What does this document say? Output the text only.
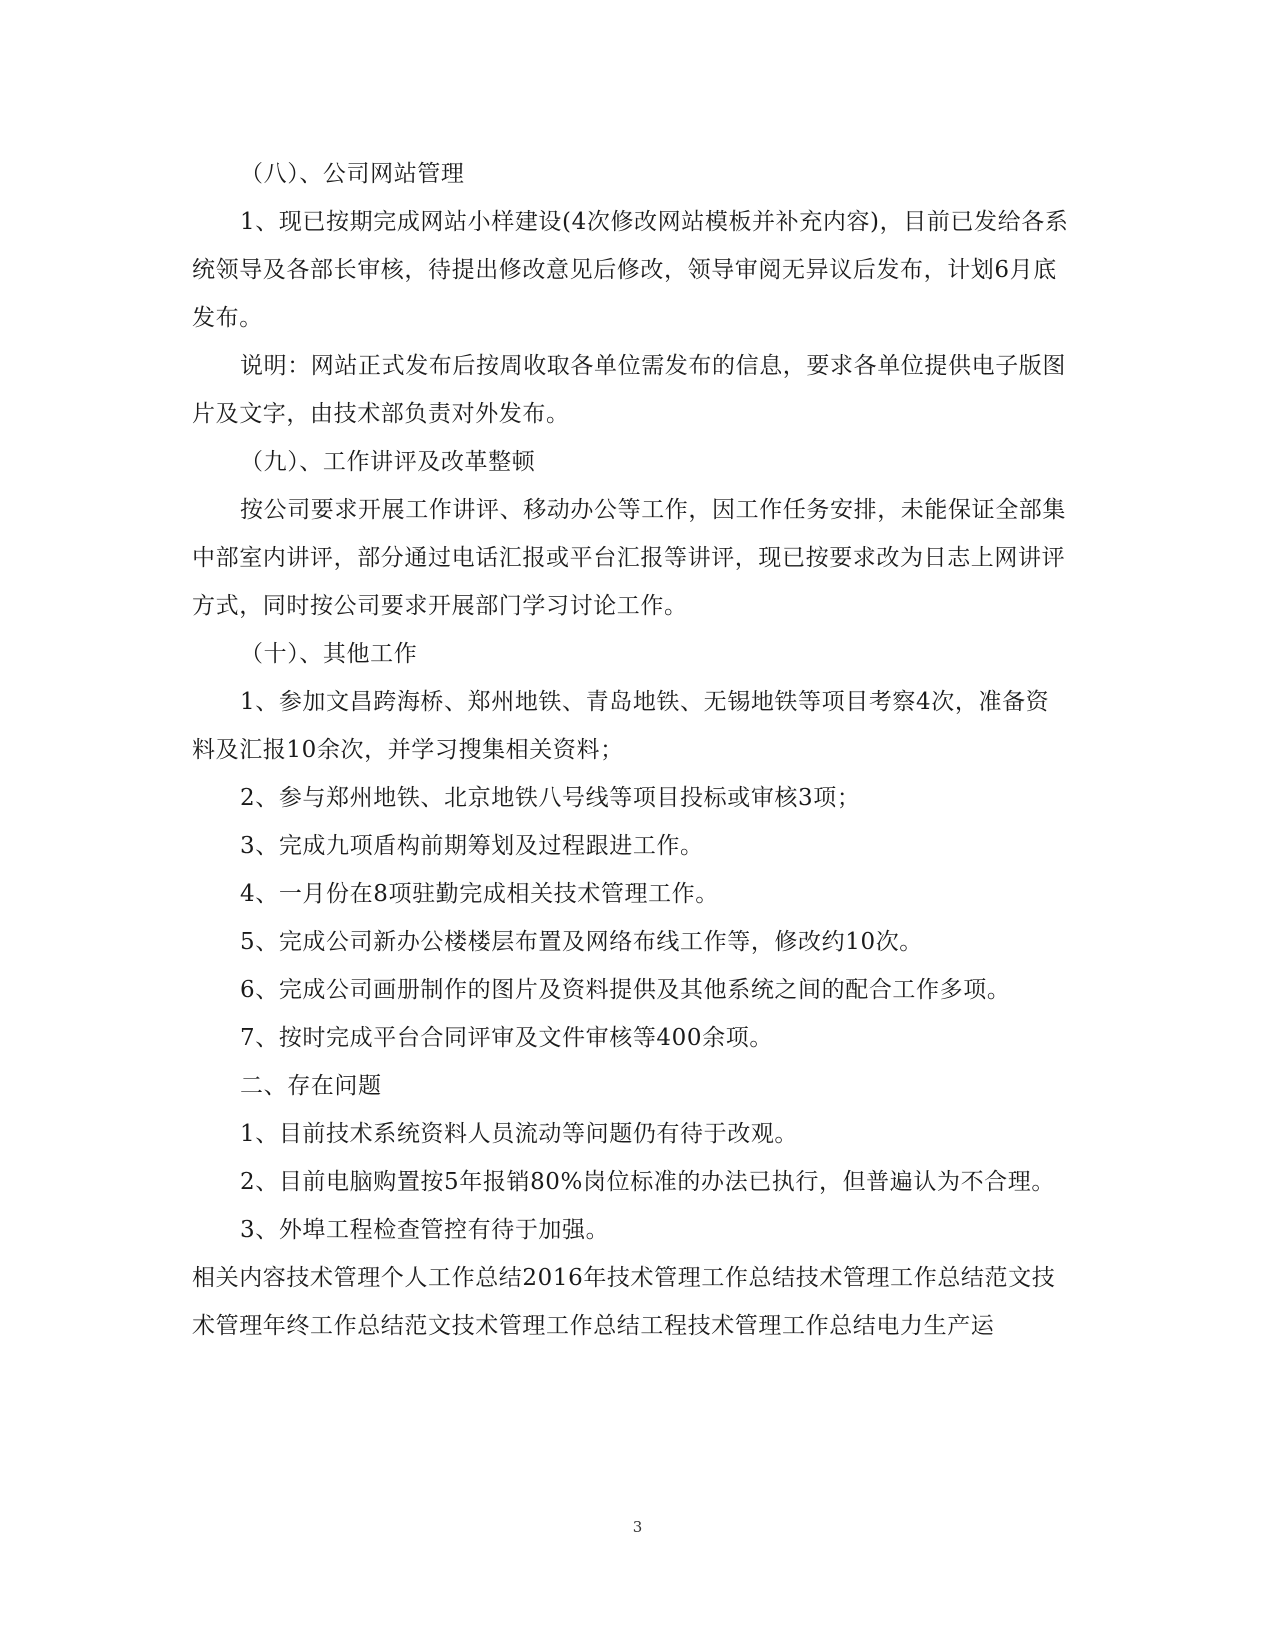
（八）、公司网站管理

1、现已按期完成网站小样建设(4次修改网站模板并补充内容)，目前已发给各系统领导及各部长审核，待提出修改意见后修改，领导审阅无异议后发布，计划6月底发布。

说明：网站正式发布后按周收取各单位需发布的信息，要求各单位提供电子版图片及文字，由技术部负责对外发布。

（九）、工作讲评及改革整顿

按公司要求开展工作讲评、移动办公等工作，因工作任务安排，未能保证全部集中部室内讲评，部分通过电话汇报或平台汇报等讲评，现已按要求改为日志上网讲评方式，同时按公司要求开展部门学习讨论工作。

（十）、其他工作

1、参加文昌跨海桥、郑州地铁、青岛地铁、无锡地铁等项目考察4次，准备资料及汇报10余次，并学习搜集相关资料；

2、参与郑州地铁、北京地铁八号线等项目投标或审核3项；

3、完成九项盾构前期筹划及过程跟进工作。

4、一月份在8项驻勤完成相关技术管理工作。

5、完成公司新办公楼楼层布置及网络布线工作等，修改约10次。

6、完成公司画册制作的图片及资料提供及其他系统之间的配合工作多项。

7、按时完成平台合同评审及文件审核等400余项。

二、存在问题

1、目前技术系统资料人员流动等问题仍有待于改观。

2、目前电脑购置按5年报销80%岗位标准的办法已执行，但普遍认为不合理。

3、外埠工程检查管控有待于加强。

相关内容技术管理个人工作总结2016年技术管理工作总结技术管理工作总结范文技术管理年终工作总结范文技术管理工作总结工程技术管理工作总结电力生产运

3
